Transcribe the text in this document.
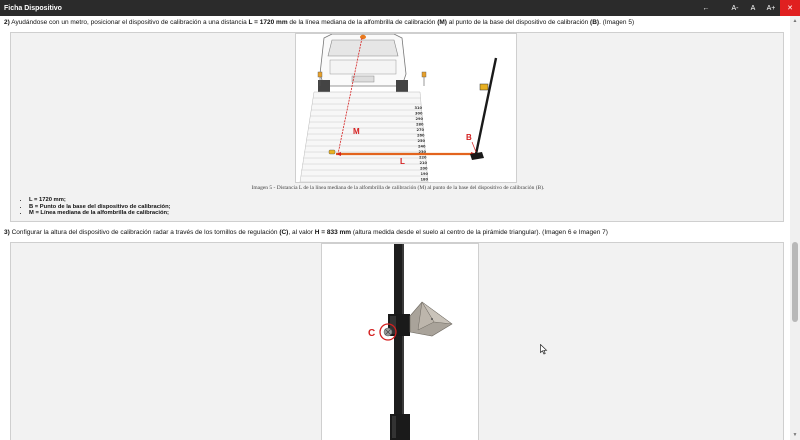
Ficha Dispositivo	←	A-	A	A+	✕
2) Ayudándose con un metro, posicionar el dispositivo de calibración a una distancia L = 1720 mm de la línea mediana de la alfombrilla de calibración (M) al punto de la base del dispositivo de calibración (B). (Imagen 5)
310
300
290
280
270
260
250
240
230
220
210
200
190
180
M
L
B
Imagen 5 - Distancia L de la línea mediana de la alfombrilla de calibración (M) al punto de la base del dispositivo de calibración (B).
• L = 1720 mm;
• B = Punto de la base del dispositivo de calibración;
• M = Línea mediana de la alfombrilla de calibración;
3) Configurar la altura del dispositivo de calibración radar a través de los tornillos de regulación (C), al valor H = 833 mm (altura medida desde el suelo al centro de la pirámide triangular). (Imagen 6 e Imagen 7)
C
▲
▼
